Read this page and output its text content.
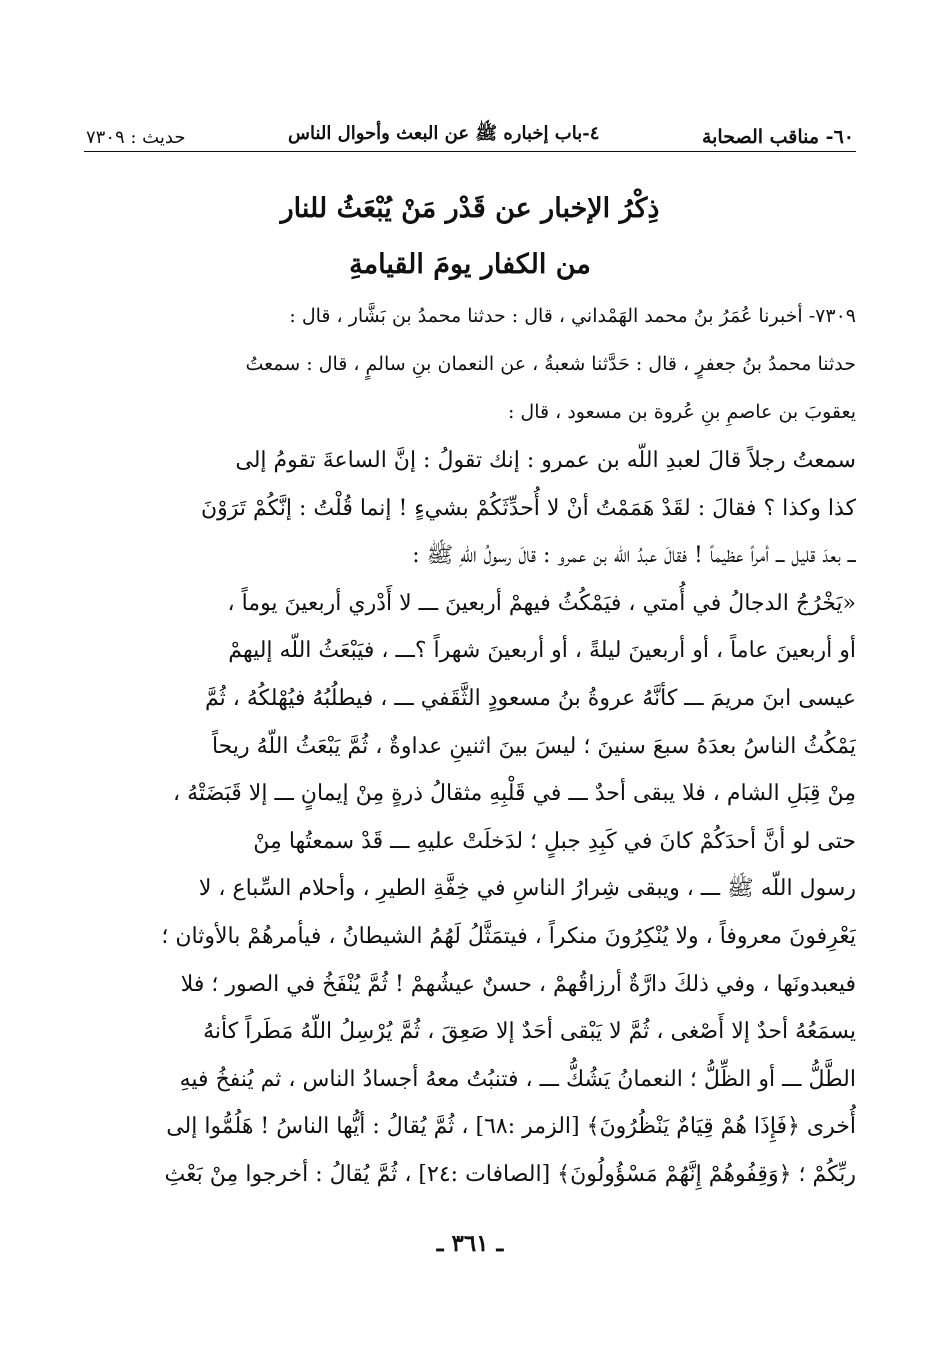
٦٠- مناقب الصحابة
٤-باب إخباره ﷺ عن البعث وأحوال الناس
حديث : ٧٣٠٩
ذِكْرُ الإخبار عن قَدْر مَنْ يُبْعَثُ للنار
من الكفار يومَ القيامةِ

٧٣٠٩- أخبرنا عُمَرُ بنُ محمد الهَمْداني ، قال : حدثنا محمدُ بن بَشَّار ، قال :

حدثنا محمدُ بنُ جعفرٍ ، قال : حَدَّثنا شعبةُ ، عن النعمان بنِ سالمٍ ، قال : سمعتُ

يعقوبَ بن عاصمِ بنِ عُروة بن مسعود ، قال :

سمعتُ رجلاً قالَ لعبدِ اللّه بن عمرو : إنك تقولُ : إنَّ الساعةَ تقومُ إلى

كذا وكذا ؟ فقالَ : لقَدْ هَمَمْتُ أنْ لا أُحدِّثَكُمْ بشيءٍ ! إنما قُلْتُ : إنَّكُمْ تَرَوْنَ

ـــ بعدَ قليل ـــ أمراً عظيماً ! فقالَ عبدُ اللّه بن عمرو : قالَ رسولُ اللّهِ ﷺ :

«يَخْرُجُ الدجالُ في أُمتي ، فيَمْكُثُ فيهمْ أربعينَ ـــ لا أَدْري أربعينَ يوماً ،

أو أربعينَ عاماً ، أو أربعينَ ليلةً ، أو أربعينَ شهراً ؟ـــ ، فيَبْعَثُ اللّه إليهمْ

عيسى ابنَ مريمَ ـــ كأنَّهُ عروةُ بنُ مسعودٍ الثَّقَفي ـــ ، فيطلُبُهُ فيُهْلكُهُ ، ثُمَّ

يَمْكُثُ الناسُ بعدَهُ سبعَ سنينَ ؛ ليسَ بينَ اثنينِ عداوةٌ ، ثُمَّ يَبْعَثُ اللّهُ ريحاً

مِنْ قِبَلِ الشام ، فلا يبقى أحدٌ ـــ في قَلْبِهِ مثقالُ ذرةٍ مِنْ إيمانٍ ـــ إلا قَبَضَتْهُ ،

حتى لو أنَّ أحدَكُمْ كانَ في كَبِدِ جبلٍ ؛ لدَخلَتْ عليهِ ـــ قَدْ سمعتُها مِنْ

رسول اللّه ﷺ ـــ ، ويبقى شِرارُ الناسِ في خِفَّةِ الطيرِ ، وأحلام السِّباع ، لا

يَعْرِفونَ معروفاً ، ولا يُنْكِرُونَ منكراً ، فيتمَثَّلُ لَهُمُ الشيطانُ ، فيأمرهُمْ بالأوثان ؛

فيعبدونَها ، وفي ذلكَ دارَّةٌ أرزاقُهمْ ، حسنٌ عيشُهمْ ! ثُمَّ يُنْفَخُ في الصور ؛ فلا

يسمَعُهُ أحدٌ إلا أَصْغى ، ثُمَّ لا يَبْقى أحَدٌ إلا صَعِقَ ، ثُمَّ يُرْسِلُ اللّهُ مَطَراً كأنهُ

الطَّلُّ ـــ أو الظِّلُّ ؛ النعمانُ يَشُكُّ ـــ ، فتنبُتُ معهُ أجسادُ الناس ، ثم يُنفخُ فيهِ

أُخرى ﴿فَإِذَا هُمْ قِيَامٌ يَنْظُرُونَ﴾ [الزمر :٦٨] ، ثُمَّ يُقالُ : أيُّها الناسُ ! هَلُمُّوا إلى

ربِّكُمْ ؛ ﴿وَقِفُوهُمْ إِنَّهُمْ مَسْؤُولُونَ﴾ [الصافات :٢٤] ، ثُمَّ يُقالُ : أخرجوا مِنْ بَعْثِ

ـ ٣٦١ ـ
